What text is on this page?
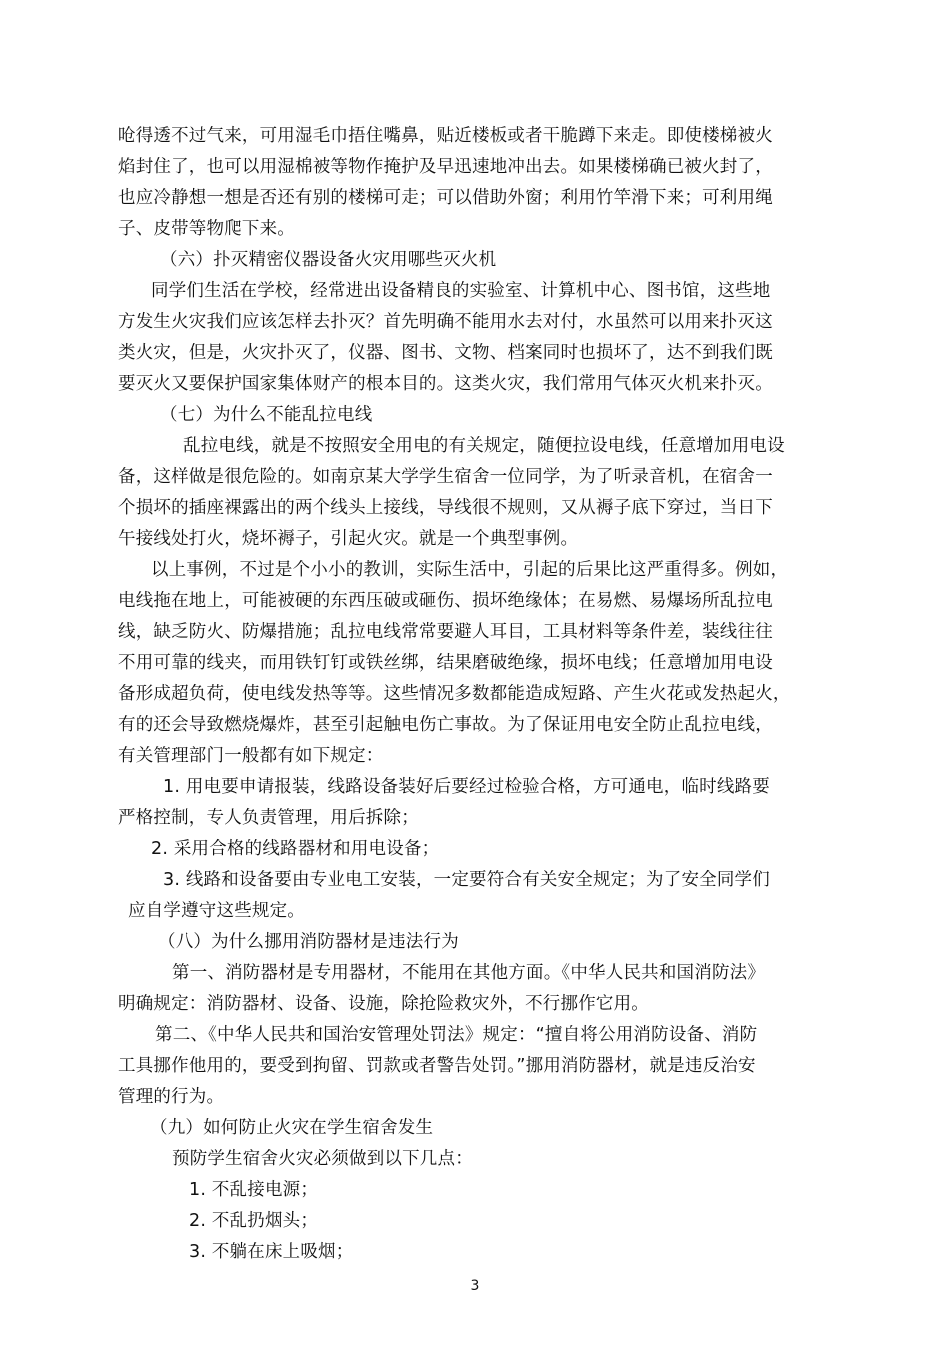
呛得透不过气来，可用湿毛巾捂住嘴鼻，贴近楼板或者干脆蹲下来走。即使楼梯被火
焰封住了，也可以用湿棉被等物作掩护及早迅速地冲出去。如果楼梯确已被火封了，
也应冷静想一想是否还有别的楼梯可走；可以借助外窗；利用竹竿滑下来；可利用绳
子、皮带等物爬下来。
（六）扑灭精密仪器设备火灾用哪些灭火机
同学们生活在学校，经常进出设备精良的实验室、计算机中心、图书馆，这些地
方发生火灾我们应该怎样去扑灭？首先明确不能用水去对付，水虽然可以用来扑灭这
类火灾，但是，火灾扑灭了，仪器、图书、文物、档案同时也损坏了，达不到我们既
要灭火又要保护国家集体财产的根本目的。这类火灾，我们常用气体灭火机来扑灭。
（七）为什么不能乱拉电线
乱拉电线，就是不按照安全用电的有关规定，随便拉设电线，任意增加用电设
备，这样做是很危险的。如南京某大学学生宿舍一位同学，为了听录音机，在宿舍一
个损坏的插座裸露出的两个线头上接线，导线很不规则，又从褥子底下穿过，当日下
午接线处打火，烧坏褥子，引起火灾。就是一个典型事例。
以上事例，不过是个小小的教训，实际生活中，引起的后果比这严重得多。例如，
电线拖在地上，可能被硬的东西压破或砸伤、损坏绝缘体；在易燃、易爆场所乱拉电
线，缺乏防火、防爆措施；乱拉电线常常要避人耳目，工具材料等条件差，装线往往
不用可靠的线夹，而用铁钉钉或铁丝绑，结果磨破绝缘，损坏电线；任意增加用电设
备形成超负荷，使电线发热等等。这些情况多数都能造成短路、产生火花或发热起火，
有的还会导致燃烧爆炸，甚至引起触电伤亡事故。为了保证用电安全防止乱拉电线，
有关管理部门一般都有如下规定：
1. 用电要申请报装，线路设备装好后要经过检验合格，方可通电，临时线路要
严格控制，专人负责管理，用后拆除；
2. 采用合格的线路器材和用电设备；
3. 线路和设备要由专业电工安装，一定要符合有关安全规定；为了安全同学们
应自学遵守这些规定。
（八）为什么挪用消防器材是违法行为
第一、消防器材是专用器材，不能用在其他方面。《中华人民共和国消防法》
明确规定：消防器材、设备、设施，除抢险救灾外，不行挪作它用。
第二、《中华人民共和国治安管理处罚法》规定：“擅自将公用消防设备、消防
工具挪作他用的，要受到拘留、罚款或者警告处罚。”挪用消防器材，就是违反治安
管理的行为。
（九）如何防止火灾在学生宿舍发生
预防学生宿舍火灾必须做到以下几点：
1. 不乱接电源；
2. 不乱扔烟头；
3. 不躺在床上吸烟；
3
